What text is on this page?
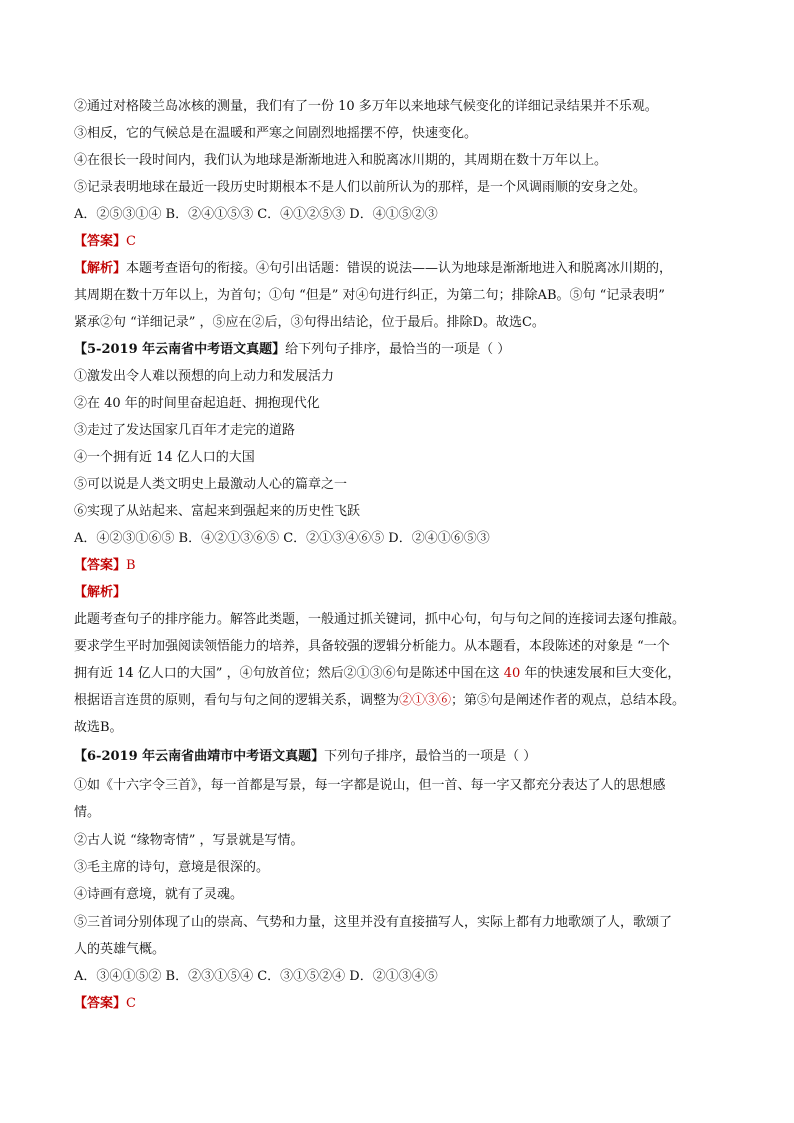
②通过对格陵兰岛冰核的测量，我们有了一份 10 多万年以来地球气候变化的详细记录结果并不乐观。
③相反，它的气候总是在温暖和严寒之间剧烈地摇摆不停，快速变化。
④在很长一段时间内，我们认为地球是渐渐地进入和脱离冰川期的，其周期在数十万年以上。
⑤记录表明地球在最近一段历史时期根本不是人们以前所认为的那样，是一个风调雨顺的安身之处。
A．②⑤③①④ B．②④①⑤③ C．④①②⑤③ D．④①⑤②③
【答案】C
【解析】本题考查语句的衔接。④句引出话题：错误的说法——认为地球是渐渐地进入和脱离冰川期的，
其周期在数十万年以上，为首句；①句 “但是” 对④句进行纠正，为第二句；排除AB。⑤句 “记录表明”
紧承②句 “详细记录” ，⑤应在②后，③句得出结论，位于最后。排除D。故选C。
【5-2019 年云南省中考语文真题】给下列句子排序，最恰当的一项是（ ）
①激发出令人难以预想的向上动力和发展活力
②在 40 年的时间里奋起追赶、拥抱现代化
③走过了发达国家几百年才走完的道路
④一个拥有近 14 亿人口的大国
⑤可以说是人类文明史上最激动人心的篇章之一
⑥实现了从站起来、富起来到强起来的历史性飞跃
A．④②③①⑥⑤ B．④②①③⑥⑤ C．②①③④⑥⑤ D．②④①⑥⑤③
【答案】B
【解析】
此题考查句子的排序能力。解答此类题，一般通过抓关键词，抓中心句，句与句之间的连接词去逐句推敲。
要求学生平时加强阅读领悟能力的培养，具备较强的逻辑分析能力。从本题看，本段陈述的对象是 “一个
拥有近 14 亿人口的大国” ，④句放首位；然后②①③⑥句是陈述中国在这 40 年的快速发展和巨大变化，
根据语言连贯的原则，看句与句之间的逻辑关系，调整为②①③⑥；第⑤句是阐述作者的观点，总结本段。
故选B。
【6-2019 年云南省曲靖市中考语文真题】下列句子排序，最恰当的一项是（ ）
①如《十六字令三首》，每一首都是写景，每一字都是说山，但一首、每一字又都充分表达了人的思想感
情。
②古人说 “缘物寄情” ，写景就是写情。
③毛主席的诗句，意境是很深的。
④诗画有意境，就有了灵魂。
⑤三首词分别体现了山的崇高、气势和力量，这里并没有直接描写人，实际上都有力地歌颂了人，歌颂了
人的英雄气概。
A．③④①⑤② B．②③①⑤④ C．③①⑤②④ D．②①③④⑤
【答案】C
